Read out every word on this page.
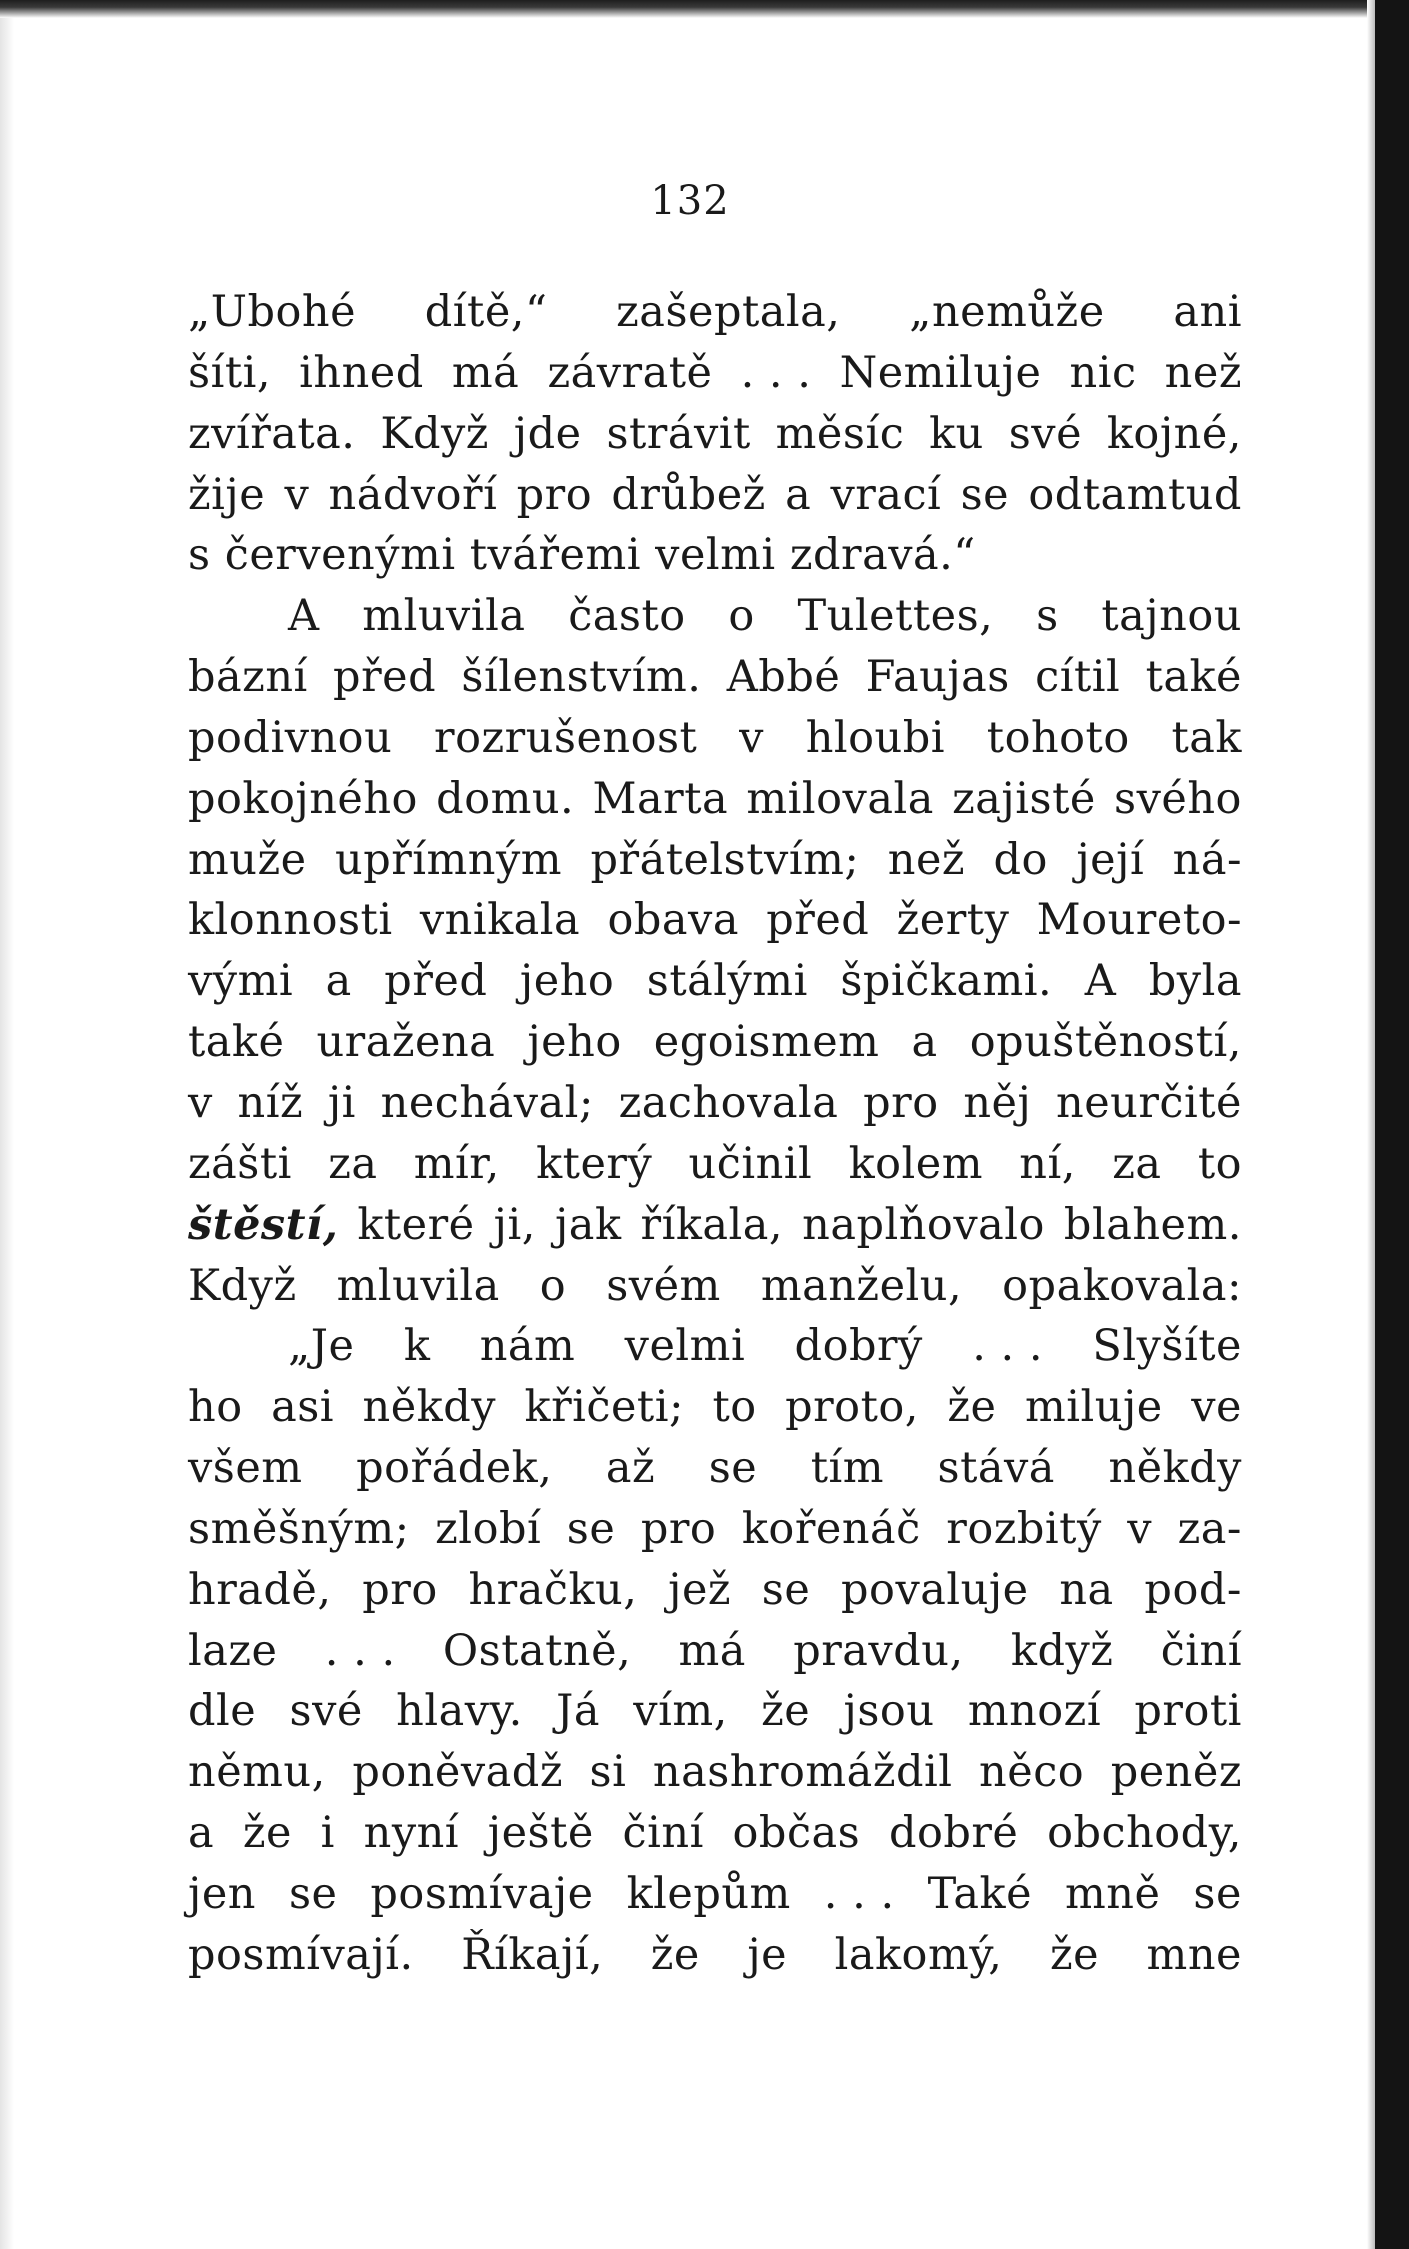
132
„Ubohé dítě,“ zašeptala, „nemůže ani
šíti, ihned má závratě . . . Nemiluje nic než
zvířata. Když jde strávit měsíc ku své kojné,
žije v nádvoří pro drůbež a vrací se odtamtud
s červenými tvářemi velmi zdravá.“
A mluvila často o Tulettes, s tajnou
bázní před šílenstvím. Abbé Faujas cítil také
podivnou rozrušenost v hloubi tohoto tak
pokojného domu. Marta milovala zajisté svého
muže upřímným přátelstvím; než do její ná-
klonnosti vnikala obava před žerty Moureto-
vými a před jeho stálými špičkami. A byla
také uražena jeho egoismem a opuštěností,
v níž ji nechával; zachovala pro něj neurčité
zášti za mír, který učinil kolem ní, za to
štěstí, které ji, jak říkala, naplňovalo blahem.
Když mluvila o svém manželu, opakovala:
„Je k nám velmi dobrý . . . Slyšíte
ho asi někdy křičeti; to proto, že miluje ve
všem pořádek, až se tím stává někdy
směšným; zlobí se pro kořenáč rozbitý v za-
hradě, pro hračku, jež se povaluje na pod-
laze . . . Ostatně, má pravdu, když činí
dle své hlavy. Já vím, že jsou mnozí proti
němu, poněvadž si nashromáždil něco peněz
a že i nyní ještě činí občas dobré obchody,
jen se posmívaje klepům . . . Také mně se
posmívají. Říkají, že je lakomý, že mne
